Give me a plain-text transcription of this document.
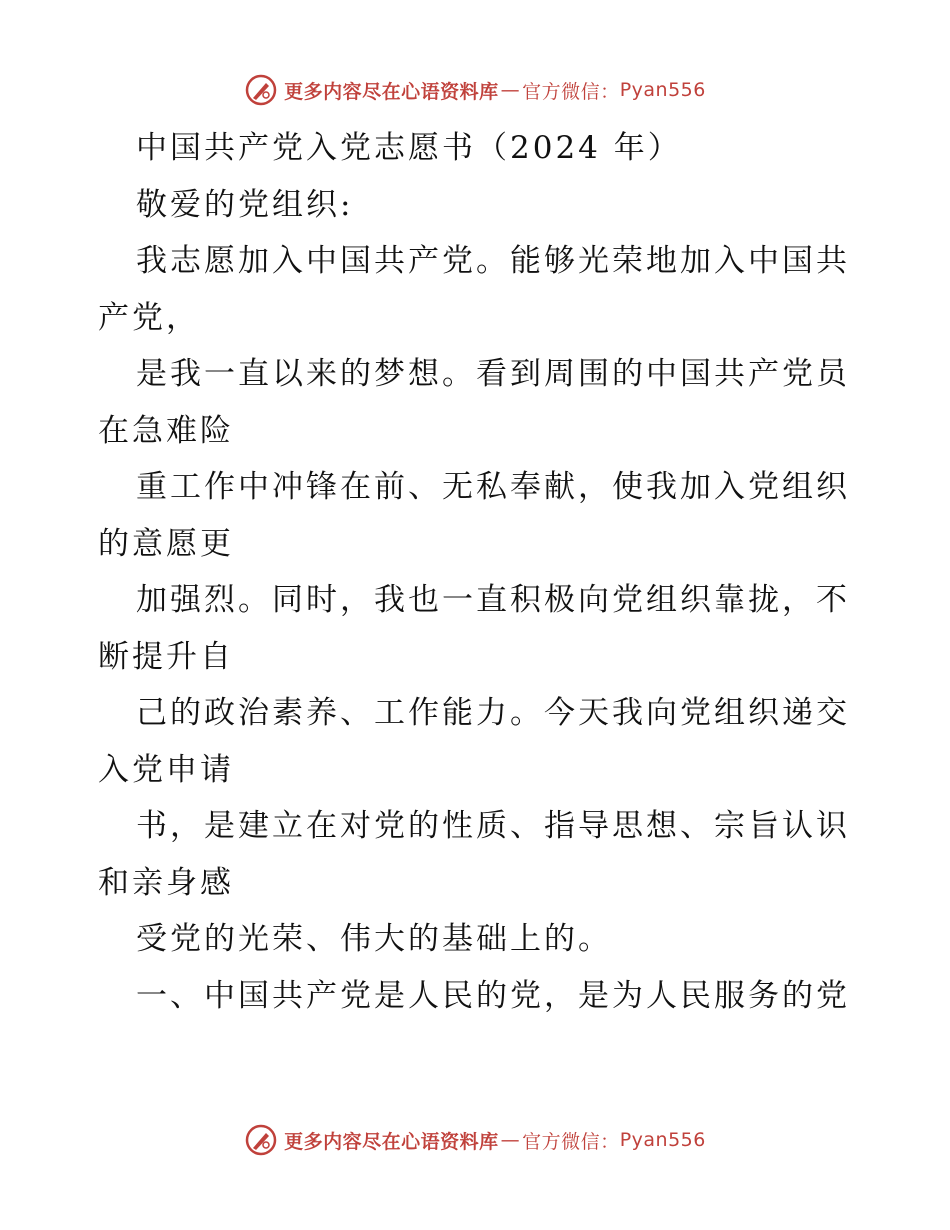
更多内容尽在心语资料库 — 官方微信： Pyan556
中国共产党入党志愿书（2024 年）
敬爱的党组织:
我志愿加入中国共产党。能够光荣地加入中国共
产党，
是我一直以来的梦想。看到周围的中国共产党员
在急难险
重工作中冲锋在前、无私奉献，使我加入党组织
的意愿更
加强烈。同时，我也一直积极向党组织靠拢，不
断提升自
己的政治素养、工作能力。今天我向党组织递交
入党申请
书，是建立在对党的性质、指导思想、宗旨认识
和亲身感
受党的光荣、伟大的基础上的。
一、中国共产党是人民的党，是为人民服务的党
更多内容尽在心语资料库 — 官方微信： Pyan556
